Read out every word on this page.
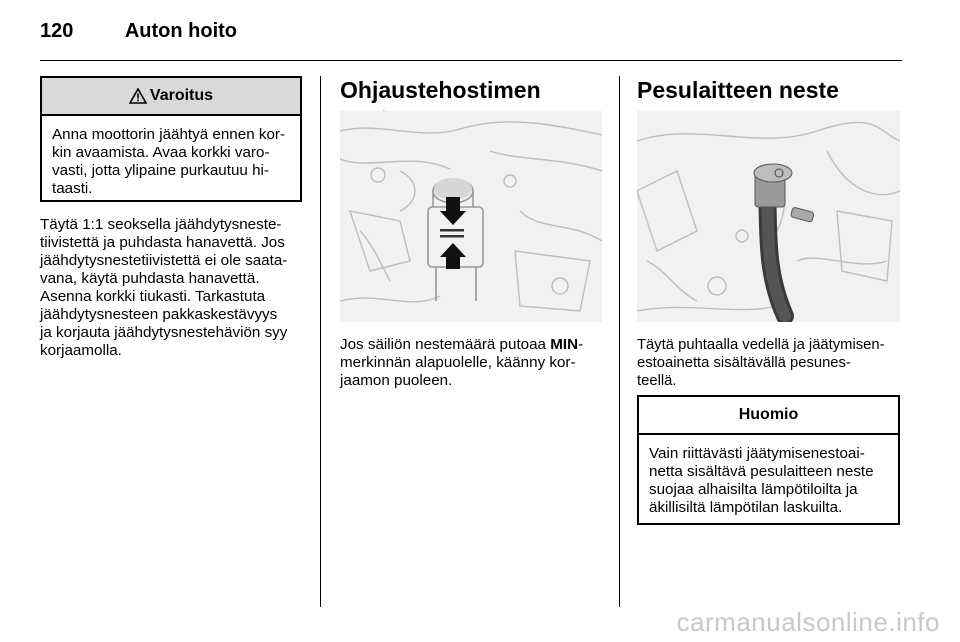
120	Auton hoito
Varoitus

Anna moottorin jäähtyä ennen kor-
kin avaamista. Avaa korkki varo-
vasti, jotta ylipaine purkautuu hi-
taasti.

Täytä 1:1 seoksella jäähdytysneste-
tiivistettä ja puhdasta hanavettä. Jos
jäähdytysnestetiivistettä ei ole saata-
vana, käytä puhdasta hanavettä.
Asenna korkki tiukasti. Tarkastuta
jäähdytysnesteen pakkaskestävyys
ja korjauta jäähdytysnestehäviön syy
korjaamolla.

Ohjaustehostimen

Jos säiliön nestemäärä putoaa MIN-
merkinnän alapuolelle, käänny kor-
jaamon puoleen.

Pesulaitteen neste

Täytä puhtaalla vedellä ja jäätymisen-
estoainetta sisältävällä pesunes-
teellä.

Huomio

Vain riittävästi jäätymisenestoai-
netta sisältävä pesulaitteen neste
suojaa alhaisilta lämpötiloilta ja
äkillisiltä lämpötilan laskuilta.

carmanualsonline.info
